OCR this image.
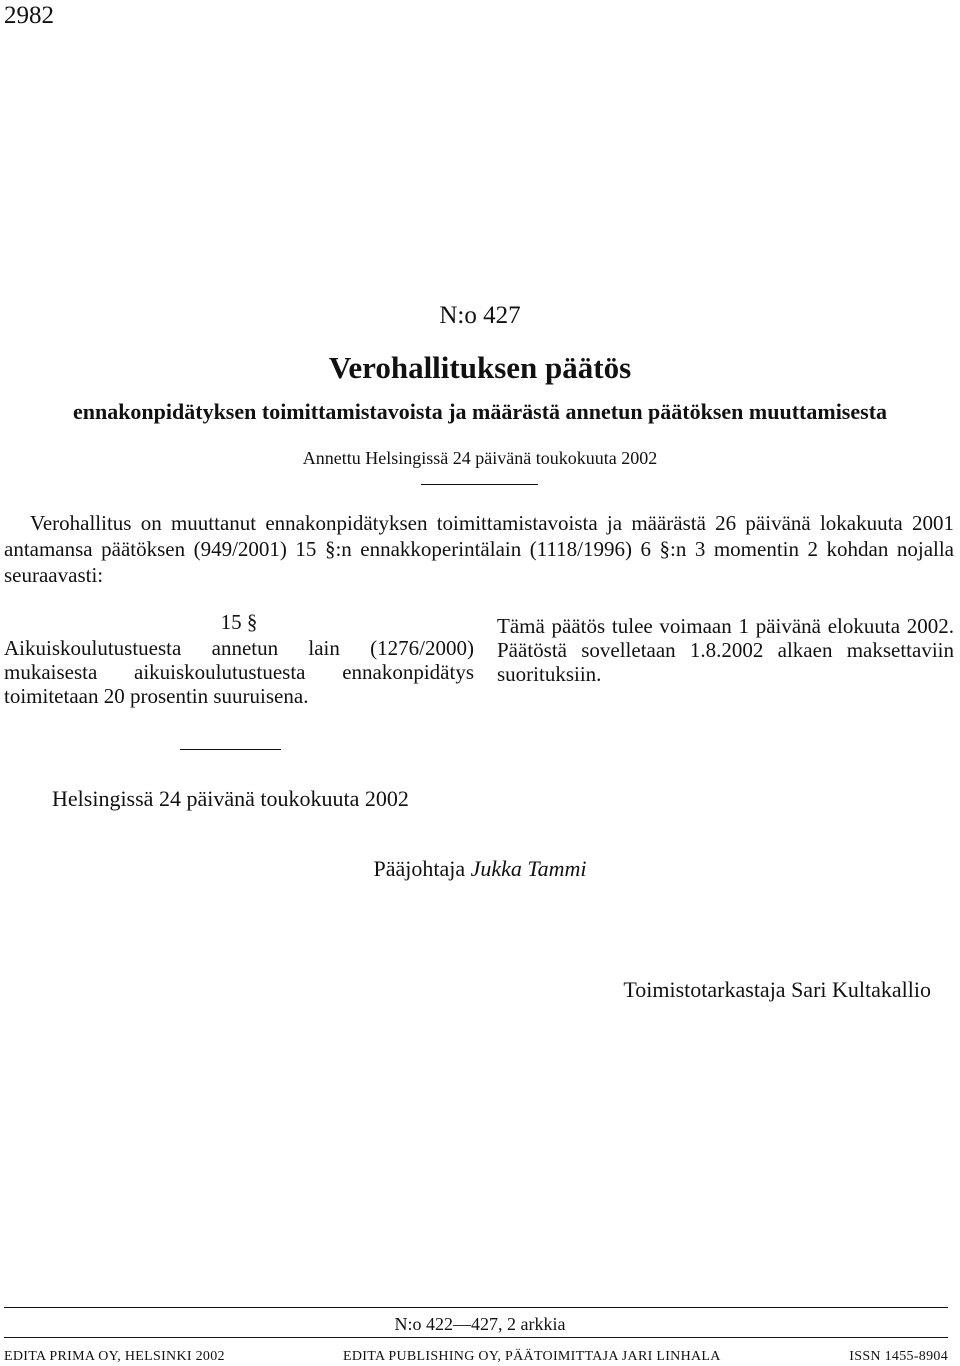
2982
N:o 427
Verohallituksen päätös
ennakonpidätyksen toimittamistavoista ja määrästä annetun päätöksen muuttamisesta
Annettu Helsingissä 24 päivänä toukokuuta 2002
Verohallitus on muuttanut ennakonpidätyksen toimittamistavoista ja määrästä 26 päivänä lokakuuta 2001 antamansa päätöksen (949/2001) 15 §:n ennakkoperintälain (1118/1996) 6 §:n 3 momentin 2 kohdan nojalla seuraavasti:
15 §
Aikuiskoulutustuesta annetun lain (1276/2000) mukaisesta aikuiskoulutustuesta ennakonpidätys toimitetaan 20 prosentin suuruisena.
Tämä päätös tulee voimaan 1 päivänä elokuuta 2002. Päätöstä sovelletaan 1.8.2002 alkaen maksettaviin suorituksiin.
Helsingissä 24 päivänä toukokuuta 2002
Pääjohtaja Jukka Tammi
Toimistotarkastaja Sari Kultakallio
N:o 422—427, 2 arkkia
EDITA PRIMA OY, HELSINKI 2002	EDITA PUBLISHING OY, PÄÄTOIMITTAJA JARI LINHALA	ISSN 1455-8904
